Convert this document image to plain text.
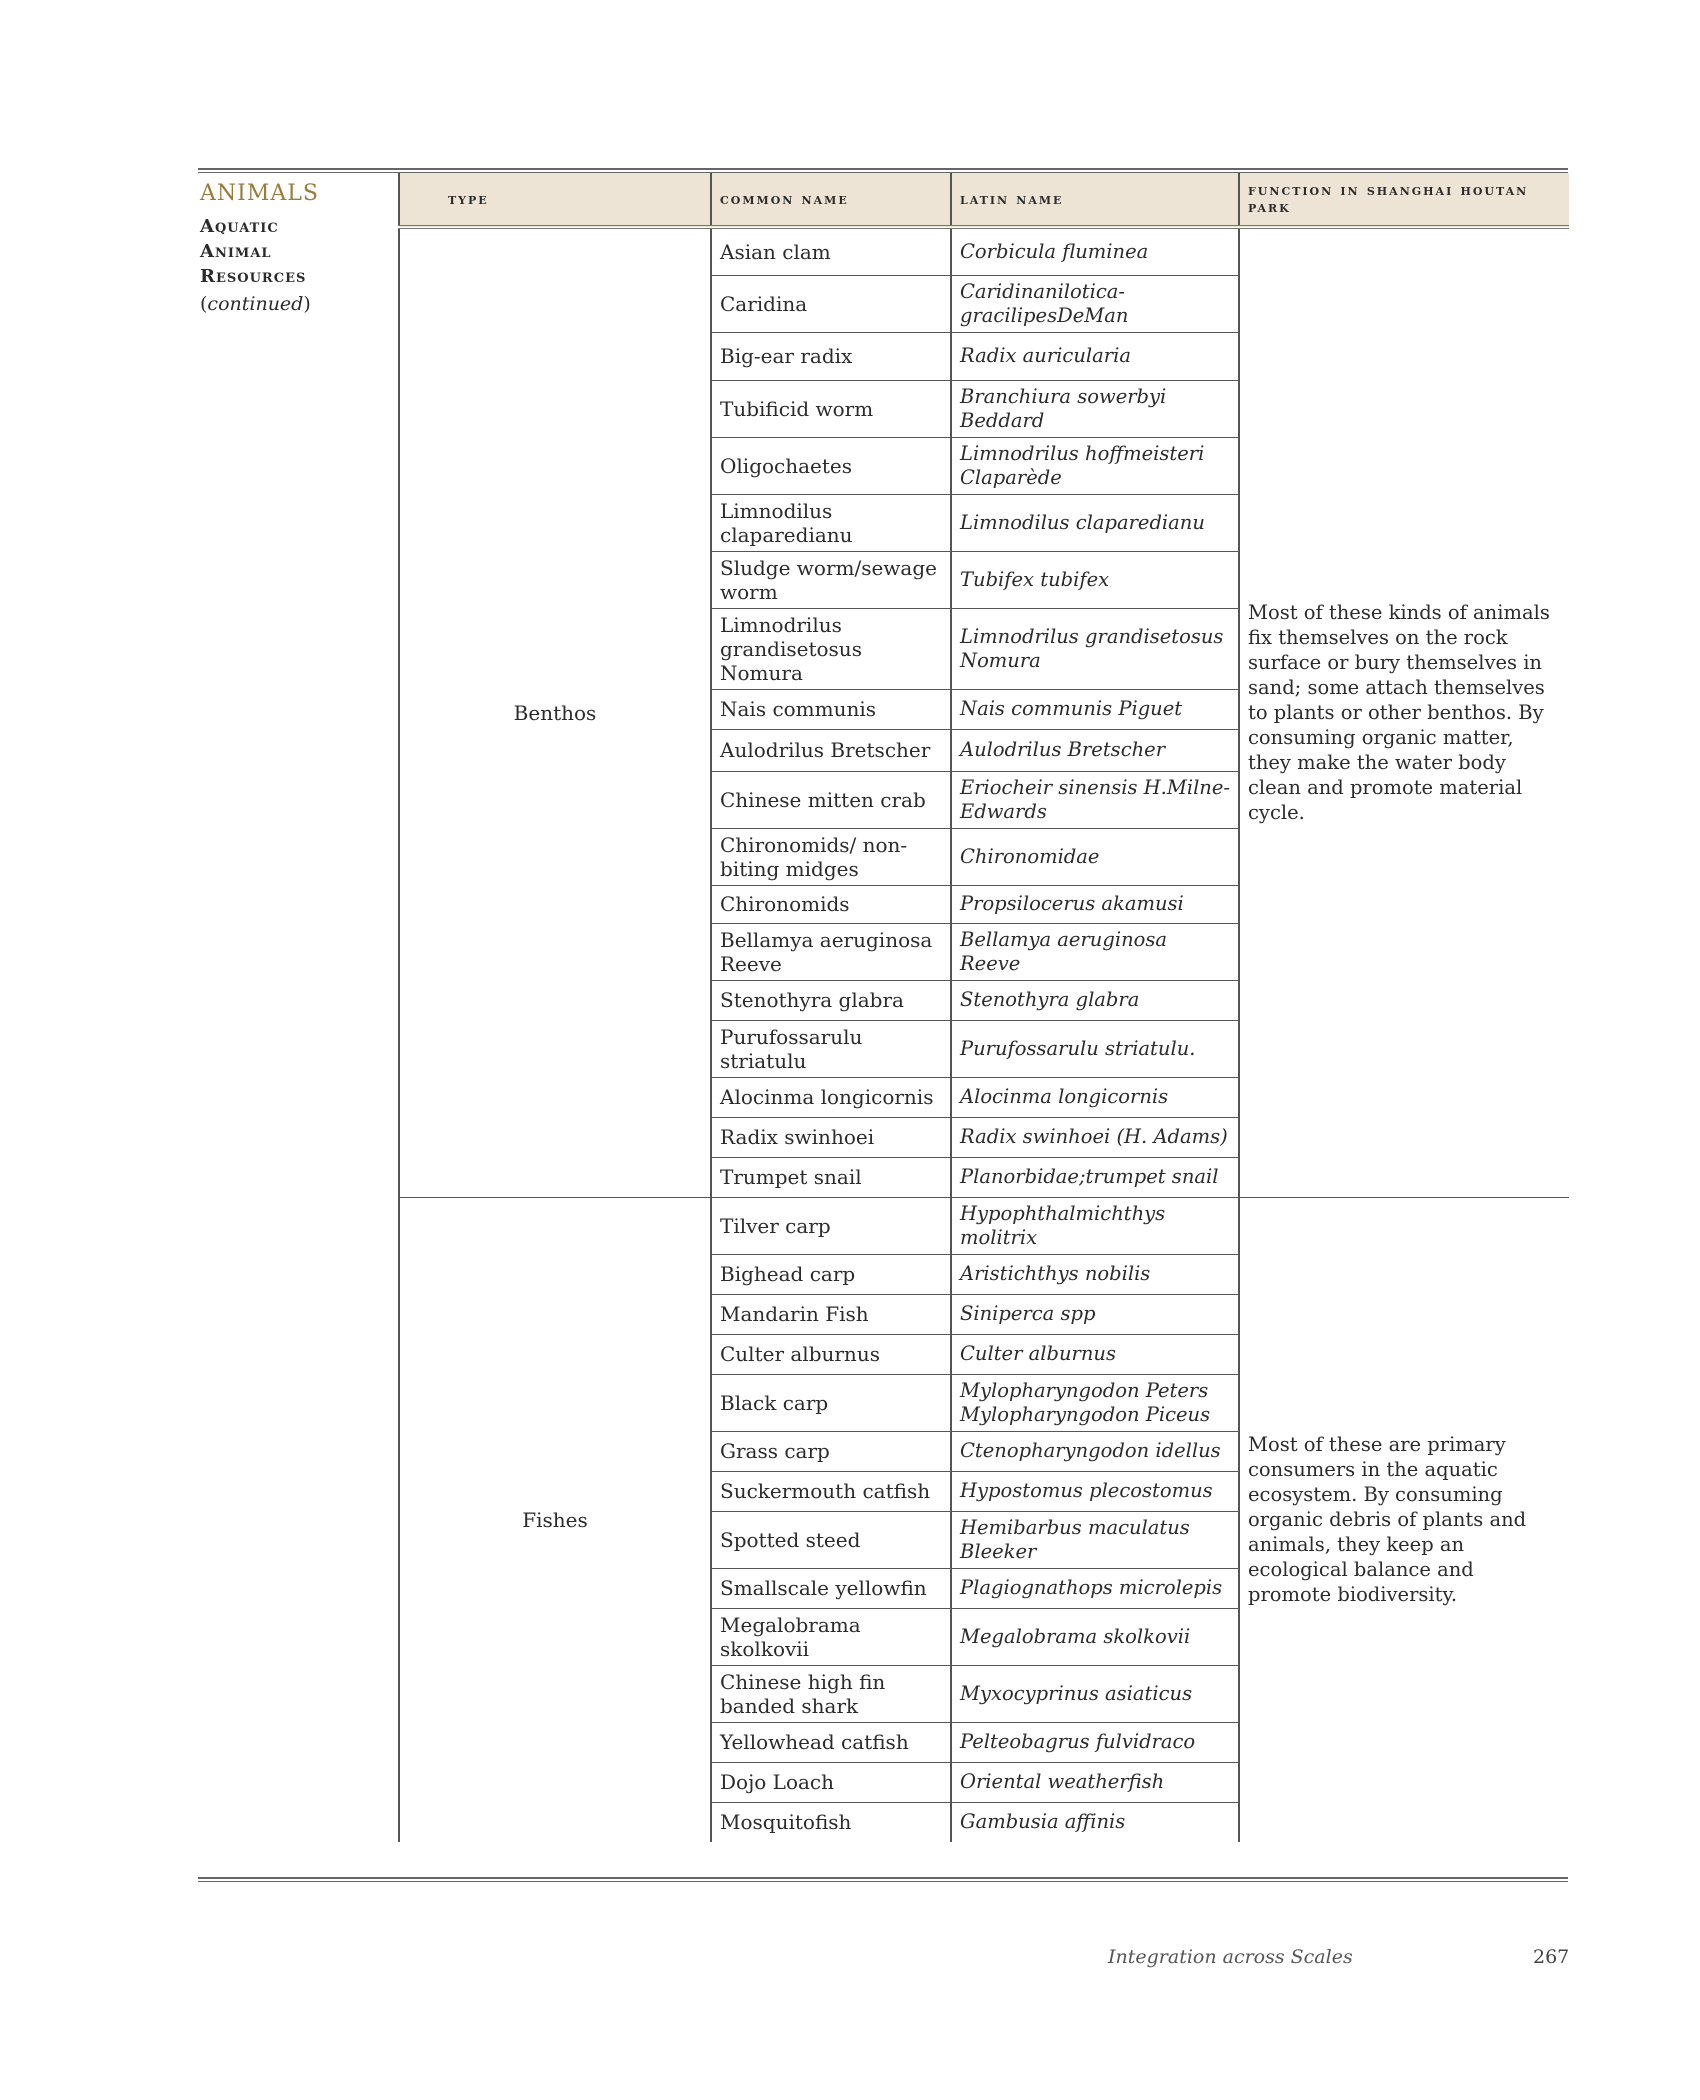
ANIMALS
Aquatic
Animal
Resources
(continued)
type	common name	latin name	function in shanghai houtan park
Benthos	Asian clam	Corbicula fluminea	Most of these kinds of animals fix themselves on the rock surface or bury themselves in sand; some attach themselves to plants or other benthos. By consuming organic matter, they make the water body clean and promote material cycle.
	Caridina	Caridinanilotica-gracilipesDeMan	
	Big-ear radix	Radix auricularia	
	Tubificid worm	Branchiura sowerbyi Beddard	
	Oligochaetes	Limnodrilus hoffmeisteri Claparède	
	Limnodilus claparedianu	Limnodilus claparedianu	
	Sludge worm/sewage worm	Tubifex tubifex	
	Limnodrilus grandisetosus Nomura	Limnodrilus grandisetosus Nomura	
	Nais communis	Nais communis Piguet	
	Aulodrilus Bretscher	Aulodrilus Bretscher	
	Chinese mitten crab	Eriocheir sinensis H.Milne-Edwards	
	Chironomids/ non-biting midges	Chironomidae	
	Chironomids	Propsilocerus akamusi	
	Bellamya aeruginosa Reeve	Bellamya aeruginosa Reeve	
	Stenothyra glabra	Stenothyra glabra	
	Purufossarulu striatulu	Purufossarulu striatulu.	
	Alocinma longicornis	Alocinma longicornis	
	Radix swinhoei	Radix swinhoei (H. Adams)	
	Trumpet snail	Planorbidae;trumpet snail	
Fishes	Tilver carp	Hypophthalmichthys molitrix	Most of these are primary consumers in the aquatic ecosystem. By consuming organic debris of plants and animals, they keep an ecological balance and promote biodiversity.
	Bighead carp	Aristichthys nobilis	
	Mandarin Fish	Siniperca spp	
	Culter alburnus	Culter alburnus	
	Black carp	Mylopharyngodon Peters Mylopharyngodon Piceus	
	Grass carp	Ctenopharyngodon idellus	
	Suckermouth catfish	Hypostomus plecostomus	
	Spotted steed	Hemibarbus maculatus Bleeker	
	Smallscale yellowfin	Plagiognathops microlepis	
	Megalobrama skolkovii	Megalobrama skolkovii	
	Chinese high fin banded shark	Myxocyprinus asiaticus	
	Yellowhead catfish	Pelteobagrus fulvidraco	
	Dojo Loach	Oriental weatherfish	
	Mosquitofish	Gambusia affinis	
Integration across Scales	267
